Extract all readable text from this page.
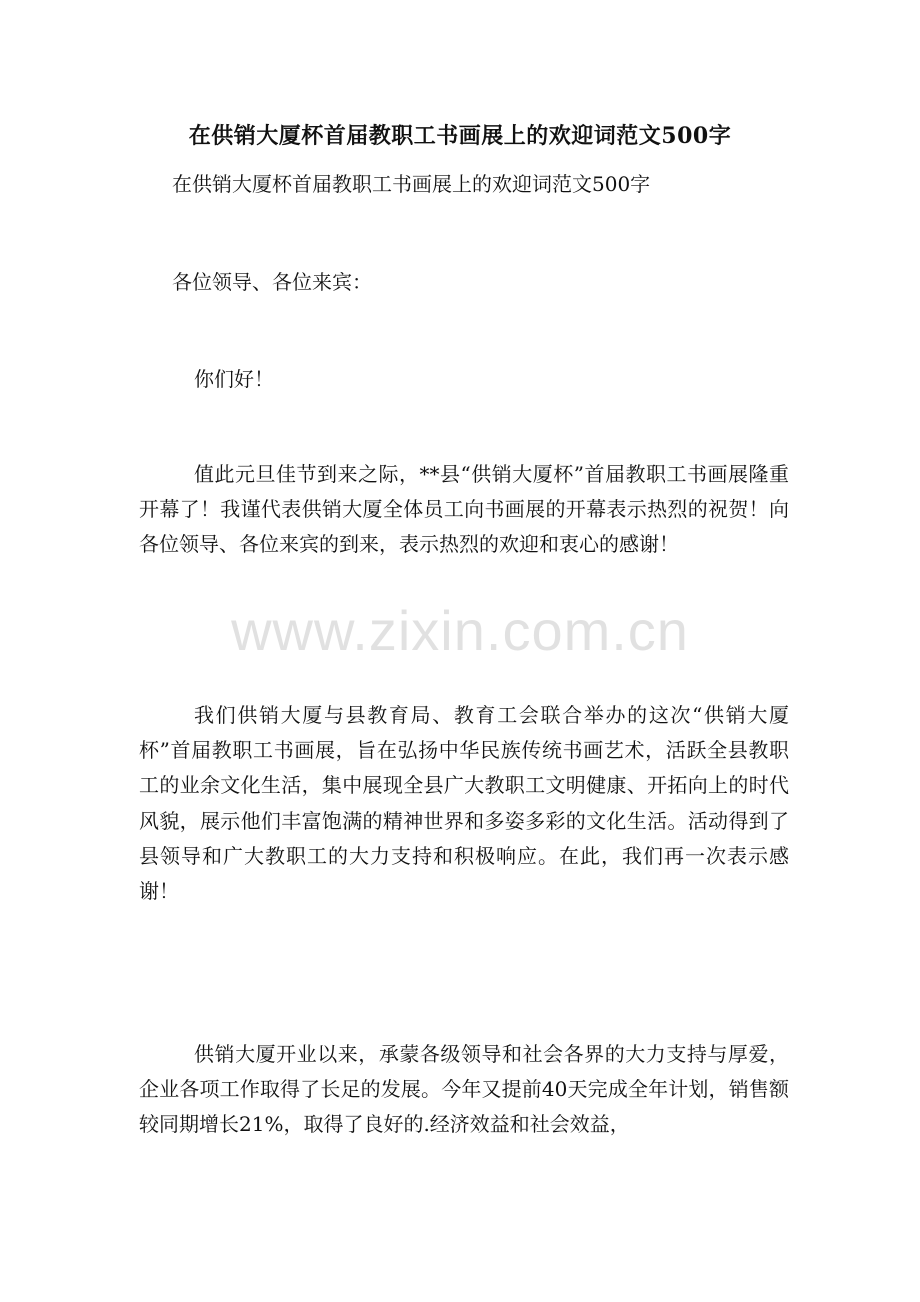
在供销大厦杯首届教职工书画展上的欢迎词范文500字
在供销大厦杯首届教职工书画展上的欢迎词范文500字
各位领导、各位来宾：
你们好！
值此元旦佳节到来之际，**县“供销大厦杯”首届教职工书画展隆重开幕了！我谨代表供销大厦全体员工向书画展的开幕表示热烈的祝贺！向各位领导、各位来宾的到来，表示热烈的欢迎和衷心的感谢！
我们供销大厦与县教育局、教育工会联合举办的这次“供销大厦杯”首届教职工书画展，旨在弘扬中华民族传统书画艺术，活跃全县教职工的业余文化生活，集中展现全县广大教职工文明健康、开拓向上的时代风貌，展示他们丰富饱满的精神世界和多姿多彩的文化生活。活动得到了县领导和广大教职工的大力支持和积极响应。在此，我们再一次表示感谢！
供销大厦开业以来，承蒙各级领导和社会各界的大力支持与厚爱，企业各项工作取得了长足的发展。今年又提前40天完成全年计划，销售额较同期增长21%，取得了良好的.经济效益和社会效益，
www.zixin.com.cn
